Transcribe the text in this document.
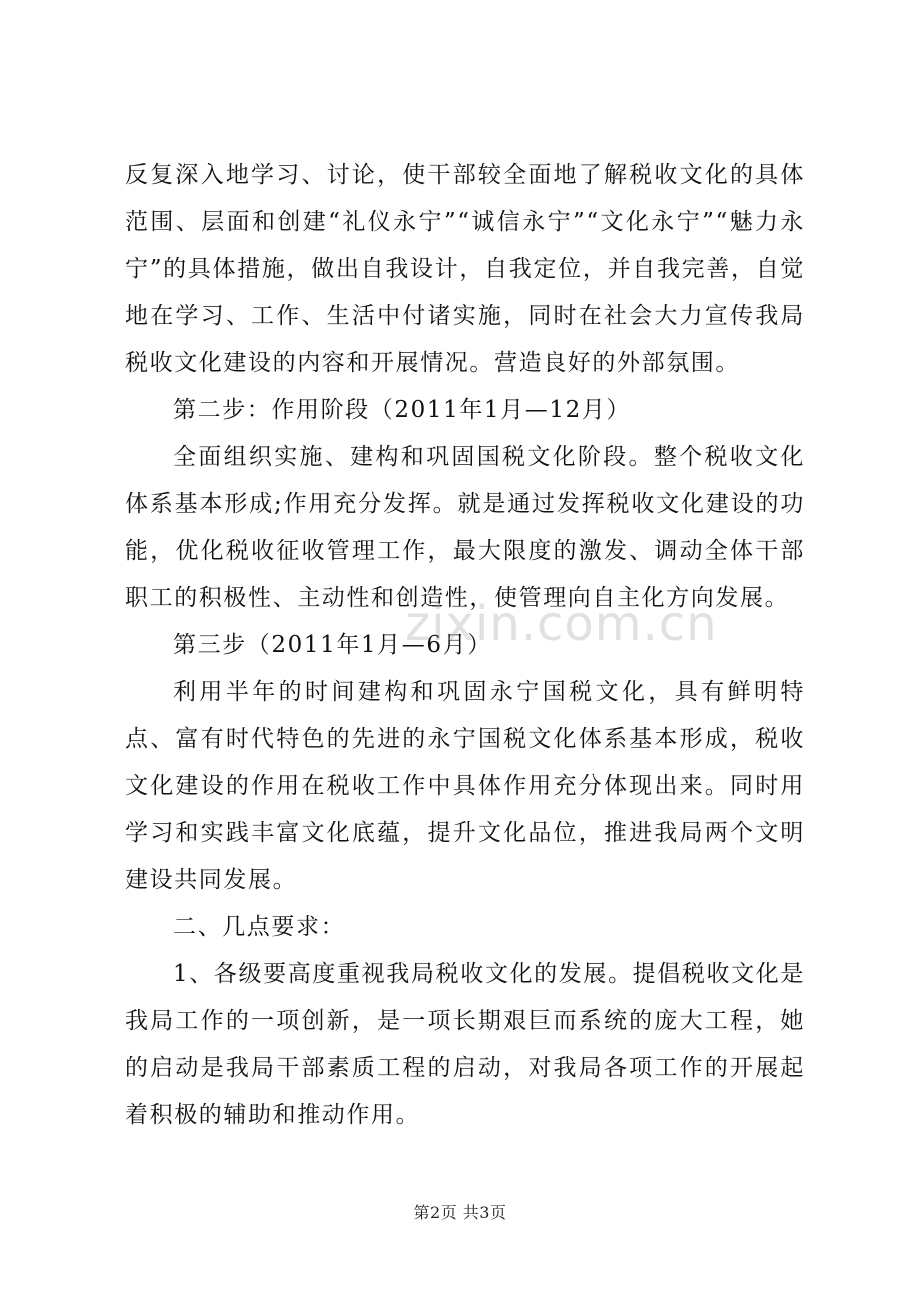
反复深入地学习、讨论，使干部较全面地了解税收文化的具体范围、层面和创建“礼仪永宁”“诚信永宁”“文化永宁”“魅力永宁”的具体措施，做出自我设计，自我定位，并自我完善，自觉地在学习、工作、生活中付诸实施，同时在社会大力宣传我局税收文化建设的内容和开展情况。营造良好的外部氛围。

第二步：作用阶段（2011年1月—12月）

全面组织实施、建构和巩固国税文化阶段。整个税收文化体系基本形成;作用充分发挥。就是通过发挥税收文化建设的功能，优化税收征收管理工作，最大限度的激发、调动全体干部职工的积极性、主动性和创造性，使管理向自主化方向发展。

第三步（2011年1月—6月）

利用半年的时间建构和巩固永宁国税文化，具有鲜明特点、富有时代特色的先进的永宁国税文化体系基本形成，税收文化建设的作用在税收工作中具体作用充分体现出来。同时用学习和实践丰富文化底蕴，提升文化品位，推进我局两个文明建设共同发展。

二、几点要求：

1、各级要高度重视我局税收文化的发展。提倡税收文化是我局工作的一项创新，是一项长期艰巨而系统的庞大工程，她的启动是我局干部素质工程的启动，对我局各项工作的开展起着积极的辅助和推动作用。

zixin.com.cn
第2页 共3页
